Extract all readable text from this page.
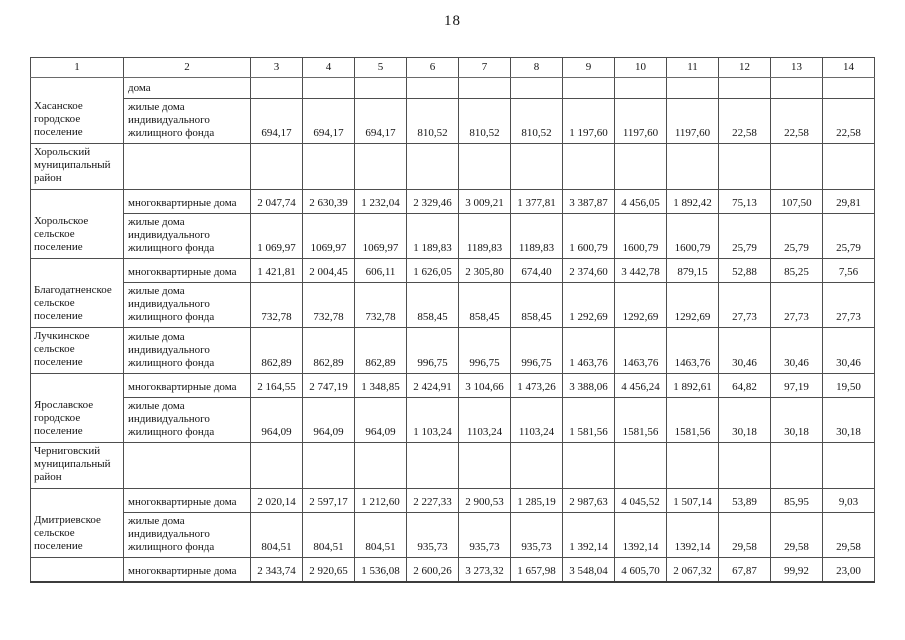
18
1	2	3	4	5	6	7	8	9	10	11	12	13	14
Хасанское городское поселение	дома												
	жилые дома индивидуального жилищного фонда	694,17	694,17	694,17	810,52	810,52	810,52	1 197,60	1197,60	1197,60	22,58	22,58	22,58
Хорольский муниципальный район													
Хорольское сельское поселение	многоквартирные дома	2 047,74	2 630,39	1 232,04	2 329,46	3 009,21	1 377,81	3 387,87	4 456,05	1 892,42	75,13	107,50	29,81
	жилые дома индивидуального жилищного фонда	1 069,97	1069,97	1069,97	1 189,83	1189,83	1189,83	1 600,79	1600,79	1600,79	25,79	25,79	25,79
Благодатненское сельское поселение	многоквартирные дома	1 421,81	2 004,45	606,11	1 626,05	2 305,80	674,40	2 374,60	3 442,78	879,15	52,88	85,25	7,56
	жилые дома индивидуального жилищного фонда	732,78	732,78	732,78	858,45	858,45	858,45	1 292,69	1292,69	1292,69	27,73	27,73	27,73
Лучкинское сельское поселение	жилые дома индивидуального жилищного фонда	862,89	862,89	862,89	996,75	996,75	996,75	1 463,76	1463,76	1463,76	30,46	30,46	30,46
Ярославское городское поселение	многоквартирные дома	2 164,55	2 747,19	1 348,85	2 424,91	3 104,66	1 473,26	3 388,06	4 456,24	1 892,61	64,82	97,19	19,50
	жилые дома индивидуального жилищного фонда	964,09	964,09	964,09	1 103,24	1103,24	1103,24	1 581,56	1581,56	1581,56	30,18	30,18	30,18
Черниговский муниципальный район													
Дмитриевское сельское поселение	многоквартирные дома	2 020,14	2 597,17	1 212,60	2 227,33	2 900,53	1 285,19	2 987,63	4 045,52	1 507,14	53,89	85,95	9,03
	жилые дома индивидуального жилищного фонда	804,51	804,51	804,51	935,73	935,73	935,73	1 392,14	1392,14	1392,14	29,58	29,58	29,58
	многоквартирные дома	2 343,74	2 920,65	1 536,08	2 600,26	3 273,32	1 657,98	3 548,04	4 605,70	2 067,32	67,87	99,92	23,00
